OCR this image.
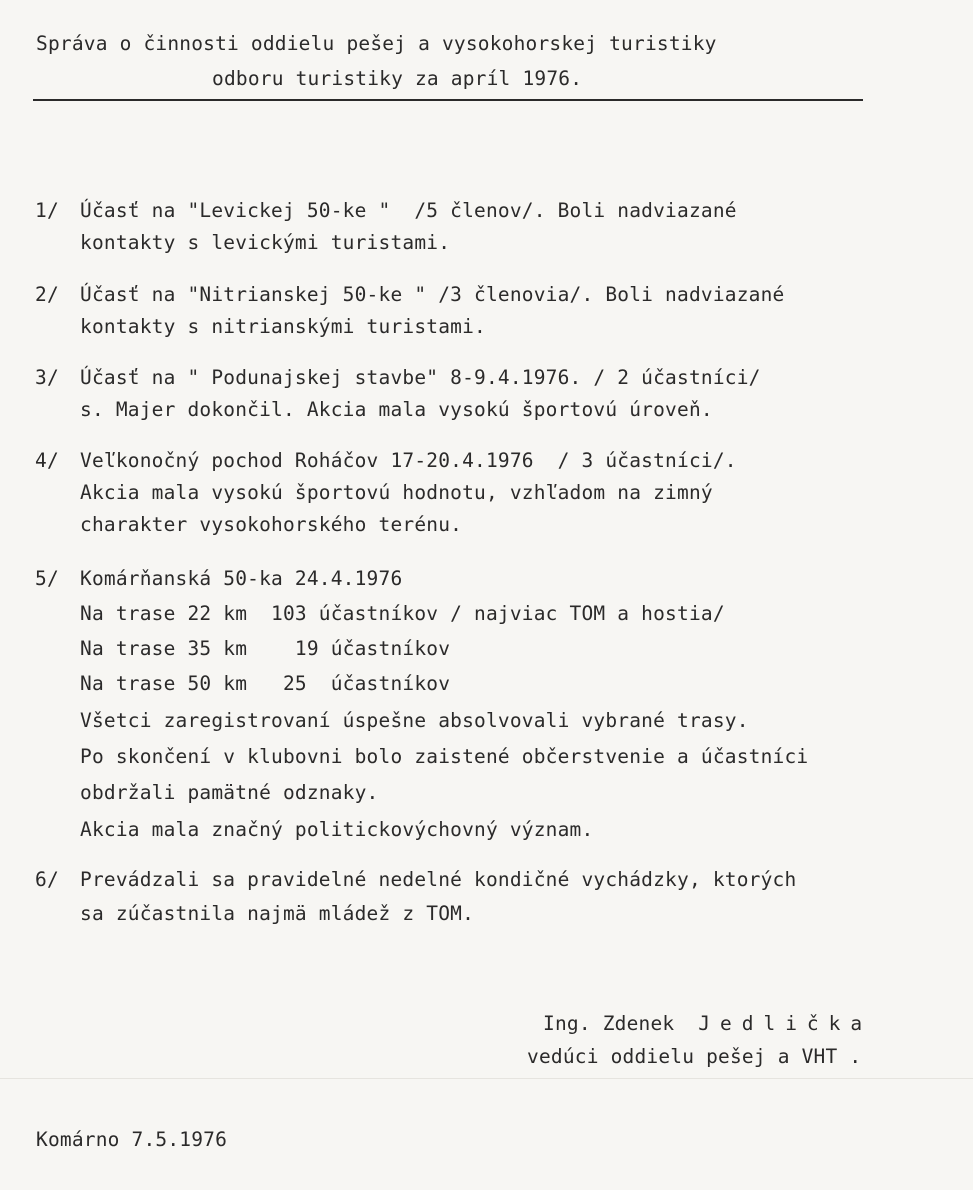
Správa o činnosti oddielu pešej a vysokohorskej turistiky
odboru turistiky za apríl 1976.
1/ Účasť na "Levickej 50-ke "  /5 členov/. Boli nadviazané
kontakty s levickými turistami.
2/ Účasť na "Nitrianskej 50-ke " /3 členovia/. Boli nadviazané
kontakty s nitrianskými turistami.
3/ Účasť na " Podunajskej stavbe" 8-9.4.1976. / 2 účastníci/
s. Majer dokončil. Akcia mala vysokú športovú úroveň.
4/ Veľkonočný pochod Roháčov 17-20.4.1976  / 3 účastníci/.
Akcia mala vysokú športovú hodnotu, vzhľadom na zimný
charakter vysokohorského terénu.
5/ Komárňanská 50-ka 24.4.1976
Na trase 22 km  103 účastníkov / najviac TOM a hostia/
Na trase 35 km    19 účastníkov
Na trase 50 km   25  účastníkov
Všetci zaregistrovaní úspešne absolvovali vybrané trasy.
Po skončení v klubovni bolo zaistené občerstvenie a účastníci
obdržali pamätné odznaky.
Akcia mala značný politickovýchovný význam.
6/ Prevádzali sa pravidelné nedelné kondičné vychádzky, ktorých
sa zúčastnila najmä mládež z TOM.
Ing. Zdenek Jedlička
vedúci oddielu pešej a VHT .
Komárno 7.5.1976
